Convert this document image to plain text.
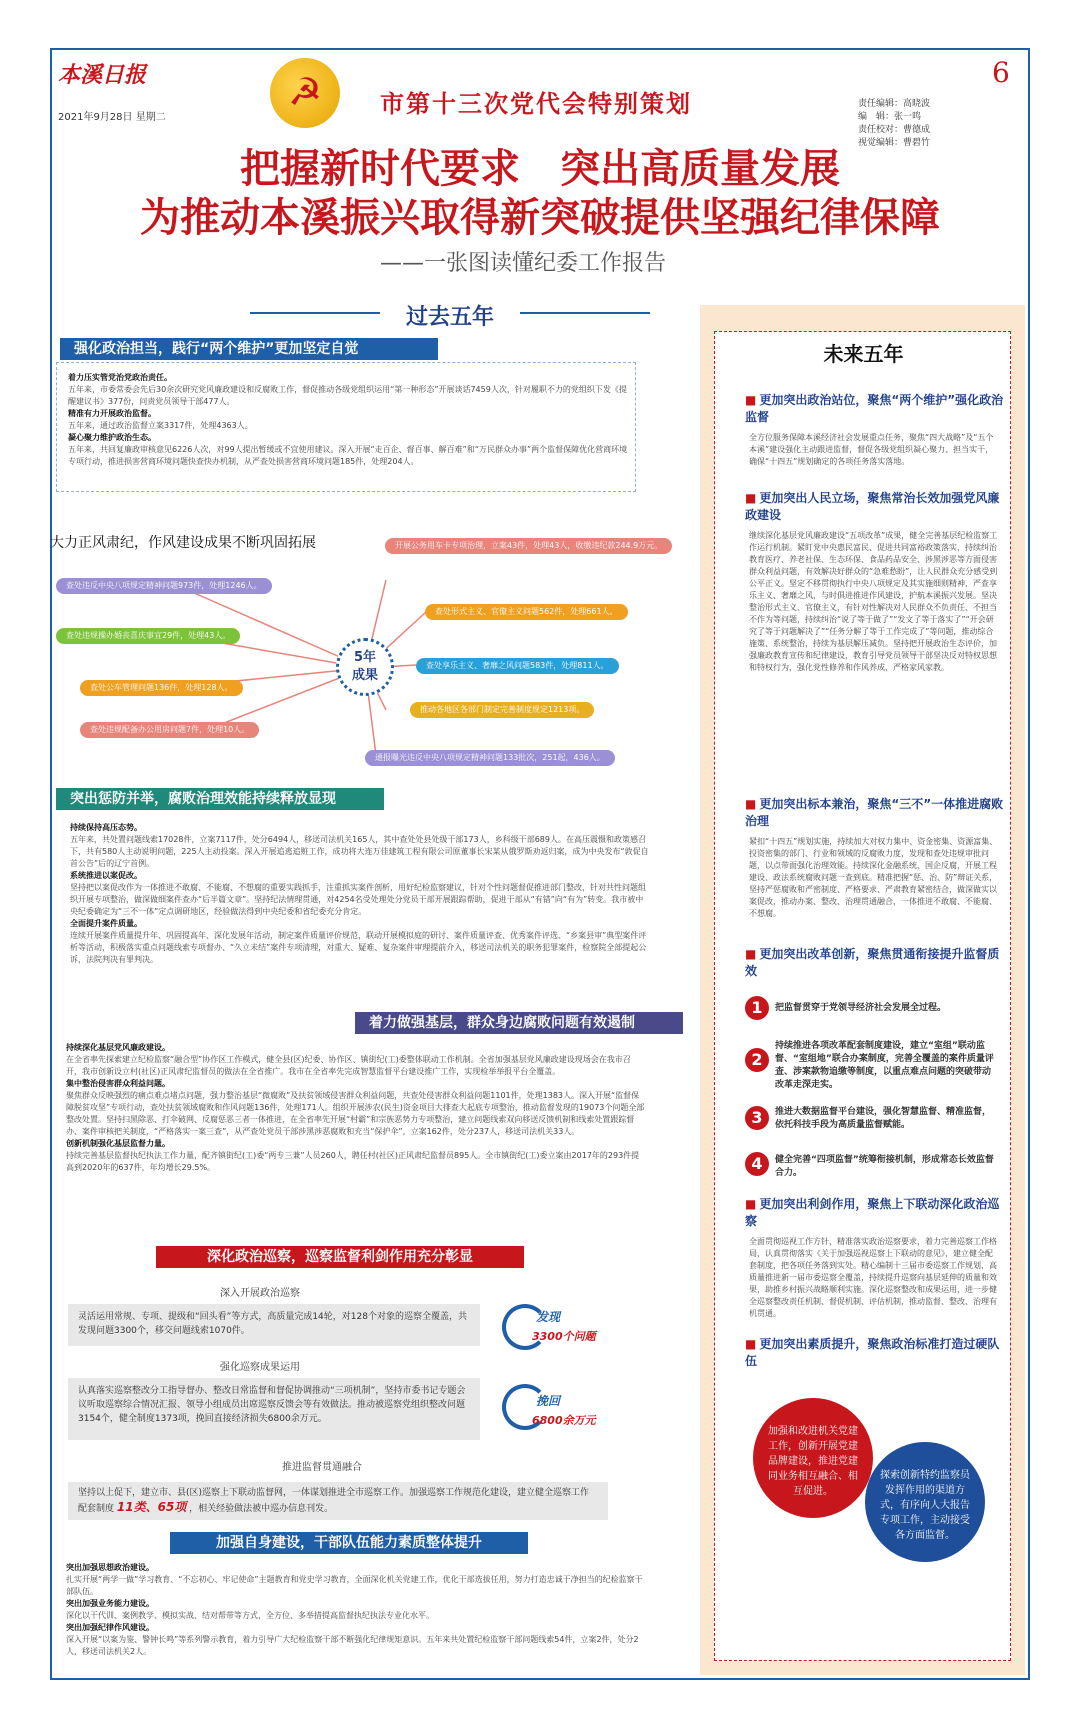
本溪日报
2021年9月28日 星期二
☭	市第十三次党代会特别策划
6
责任编辑：高晓波
编　辑：张一鸣
责任校对：曹德成
视觉编辑：曹碧竹
把握新时代要求　突出高质量发展
为推动本溪振兴取得新突破提供坚强纪律保障
——一张图读懂纪委工作报告
过去五年
强化政治担当，践行“两个维护”更加坚定自觉
着力压实管党治党政治责任。
五年来，市委常委会先后30余次研究党风廉政建设和反腐败工作，督促推动各级党组织运用“第一种形态”开展谈话7459人次，针对履职不力的党组织下发《提醒建议书》377份，问责党员领导干部477人。
精准有力开展政治监督。
五年来，通过政治监督立案3317件，处理4363人。
凝心聚力维护政治生态。
五年来，共回复廉政审核意见6226人次，对99人提出暂缓或不宜使用建议。深入开展“走百企、督百事、解百难”和“万民群众办事”两个监督保障优化营商环境专项行动，推进损害营商环境问题快查快办机制，从严查处损害营商环境问题185件，处理204人。
大力正风肃纪，作风建设成果不断巩固拓展
5年
成果
开展公务用车卡专项治理，立案43件，处理43人，收缴违纪款244.9万元。
查处违反中央八项规定精神问题973件，处理1246人。
查处形式主义、官僚主义问题562件，处理661人。
查处违规操办婚丧喜庆事宜29件，处理43人。
查处享乐主义、奢靡之风问题583件，处理811人。
查处公车管理问题136件，处理128人。
推动各地区各部门制定完善制度规定1213项。
查处违规配备办公用房问题7件，处理10人。
通报曝光违反中央八项规定精神问题133批次，251起，436人。
突出惩防并举，腐败治理效能持续释放显现
持续保持高压态势。
五年来，共处置问题线索17028件，立案7117件，处分6494人，移送司法机关165人，其中查处处县处级干部173人，乡科级干部689人。在高压震慑和政策感召下，共有580人主动说明问题，225人主动投案。深入开展追逃追赃工作，成功将大连万佳建筑工程有限公司原董事长宋某从俄罗斯劝返归案，成为中央发布“敦促自首公告”后的辽宁首例。
系统推进以案促改。
坚持把以案促改作为一体推进不敢腐、不能腐、不想腐的重要实践抓手，注重抓实案件剖析，用好纪检监察建议，针对个性问题督促推进部门整改，针对共性问题组织开展专项整治，做深做细案件查办“后半篇文章”。坚持纪法情理贯通，对4254名受处理处分党员干部开展跟踪帮助，促进干部从“有错”向“有为”转变。我市被中央纪委确定为“三不一体”定点调研地区，经验做法得到中央纪委和省纪委充分肯定。
全面提升案件质量。
连续开展案件质量提升年、巩固提高年、深化发展年活动，制定案件质量评价规范，联动开展模拟庭的研讨、案件质量评查、优秀案件评选、“乡案县审”典型案件评析等活动，积极落实重点问题线索专项督办、“久立未结”案件专项清理，对重大、疑难、复杂案件审理提前介入，移送司法机关的职务犯罪案件，检察院全部提起公诉，法院判决有罪判决。
着力做强基层，群众身边腐败问题有效遏制
持续深化基层党风廉政建设。
在全省率先探索建立纪检监察“融合型”协作区工作模式，健全县(区)纪委、协作区、镇街纪(工)委整体联动工作机制。全省加强基层党风廉政建设现场会在我市召开，我市创新设立村(社区)正风肃纪监督员的做法在全省推广。我市在全省率先完成智慧监督平台建设推广工作，实现检举举报平台全覆盖。
集中整治侵害群众利益问题。
聚焦群众反映强烈的痛点难点堵点问题，强力整治基层“微腐败”及扶贫领域侵害群众利益问题，共查处侵害群众利益问题1101件，处理1383人。深入开展“监督保障脱贫攻坚”专项行动，查处扶贫领域腐败和作风问题136件，处理171人。组织开展涉农(民生)资金项目大排查大起底专项整治，推动监督发现的19073个问题全部整改处置。坚持扫黑除恶、打伞破网、反腐惩恶三者一体推进，在全省率先开展“村霸”和宗族恶势力专项整治，建立问题线索双向移送反馈机制和线索处置跟踪督办、案件审核把关制度，“严格落实一案三查”，从严查处党员干部涉黑涉恶腐败和充当“保护伞”，立案162件，处分237人，移送司法机关33人。
创新机制强化基层监督力量。
持续完善基层监督执纪执法工作力量，配齐镇街纪(工)委“两专三兼”人员260人，聘任村(社区)正风肃纪监督员895人。全市镇街纪(工)委立案由2017年的293件提高到2020年的637件，年均增长29.5%。
深化政治巡察，巡察监督利剑作用充分彰显
深入开展政治巡察
灵活运用常规、专项、提级和“回头看”等方式，高质量完成14轮，对128个对象的巡察全覆盖，共发现问题3300个，移交问题线索1070件。
发现
3300个问题
强化巡察成果运用
认真落实巡察整改分工指导督办、整改日常监督和督促协调推动“三项机制”，坚持市委书记专题会议听取巡察综合情况汇报、领导小组成员出席巡察反馈会等有效做法。推动被巡察党组织整改问题3154个，健全制度1373项，挽回直接经济损失6800余万元。
挽回
6800余万元
推进监督贯通融合
坚持以上促下，建立市、县(区)巡察上下联动监督网，一体谋划推进全市巡察工作。加强巡察工作规范化建设，建立健全巡察工作配套制度 11类、65项 ，相关经验做法被中巡办信息刊发。
加强自身建设，干部队伍能力素质整体提升
突出加强思想政治建设。
扎实开展“两学一做”学习教育、“不忘初心、牢记使命”主题教育和党史学习教育，全面深化机关党建工作，优化干部选拔任用，努力打造忠诚干净担当的纪检监察干部队伍。
突出加强业务能力建设。
深化以干代训、案例教学、模拟实战、结对帮带等方式，全方位、多举措提高监督执纪执法专业化水平。
突出加强纪律作风建设。
深入开展“以案为鉴、警钟长鸣”等系列警示教育，着力引导广大纪检监察干部不断强化纪律规矩意识。五年来共处置纪检监察干部问题线索54件，立案2件，处分2人，移送司法机关2人。
未来五年
■ 更加突出政治站位，聚焦“两个维护”强化政治监督
全方位服务保障本溪经济社会发展重点任务，聚焦“四大战略”及“五个本溪”建设强化主动跟进监督，督促各级党组织凝心聚力、担当实干，确保“十四五”规划确定的各项任务落实落地。
■ 更加突出人民立场，聚焦常治长效加强党风廉政建设
继续深化基层党风廉政建设“五项改革”成果，健全完善基层纪检监察工作运行机制。紧盯党中央惠民富民、促进共同富裕政策落实，持续纠治教育医疗、养老社保、生态环保、食品药品安全、涉黑涉恶等方面侵害群众利益问题，有效解决好群众的“急难愁盼”，让人民群众充分感受到公平正义。坚定不移贯彻执行中央八项规定及其实施细则精神，严查享乐主义、奢靡之风，与时俱进推进作风建设，护航本溪振兴发展。坚决整治形式主义、官僚主义，有针对性解决对人民群众不负责任、不担当不作为等问题，持续纠治“说了等于做了”“发文了等于落实了”“开会研究了等于问题解决了”“任务分解了等于工作完成了”等问题，推动综合施策、系统整治，持续为基层解压减负。坚持把开展政治生态评价，加强廉政教育宣传和纪律建设，教育引导党员领导干部坚决反对特权思想和特权行为，强化党性修养和作风养成，严格家风家教。
■ 更加突出标本兼治，聚焦“三不”一体推进腐败治理
紧扣“十四五”规划实施，持续加大对权力集中、资金密集、资源富集、投资密集的部门、行业和领域的反腐败力度，发现和查处违规审批问题，以点带面强化治理效能。持续深化金融系统、国企反腐，开展工程建设、政法系统腐败问题一查到底。精准把握“惩、治、防”辩证关系，坚持严惩腐败和严密制度、严格要求、严肃教育紧密结合，做深做实以案促改，推动办案、整改、治理贯通融合，一体推进不敢腐、不能腐、不想腐。
■ 更加突出改革创新，聚焦贯通衔接提升监督质效
1	把监督贯穿于党领导经济社会发展全过程。
2
持续推进各项改革配套制度建设，建立“室组”联动监督、“室组地”联合办案制度，完善全覆盖的案件质量评查、涉案款物追缴等制度，以重点难点问题的突破带动改革走深走实。
3	推进大数据监督平台建设，强化智慧监督、精准监督，依托科技手段为高质量监督赋能。
4	健全完善“四项监督”统筹衔接机制，形成常态长效监督合力。
■ 更加突出利剑作用，聚焦上下联动深化政治巡察
全面贯彻巡视工作方针，精准落实政治巡察要求，着力完善巡察工作格局，认真贯彻落实《关于加强巡视巡察上下联动的意见》，建立健全配套制度，把各项任务落到实处。精心编制十三届市委巡察工作规划，高质量推进新一届市委巡察全覆盖，持续提升巡察向基层延伸的质量和效果，助推乡村振兴战略顺利实施。深化巡察整改和成果运用，进一步健全巡察整改责任机制、督促机制、评估机制，推动监督、整改、治理有机贯通。
■ 更加突出素质提升，聚焦政治标准打造过硬队伍
加强和改进机关党建工作，创新开展党建品牌建设，推进党建同业务相互融合、相互促进。
探索创新特约监察员发挥作用的渠道方式，有序向人大报告专项工作，主动接受各方面监督。
